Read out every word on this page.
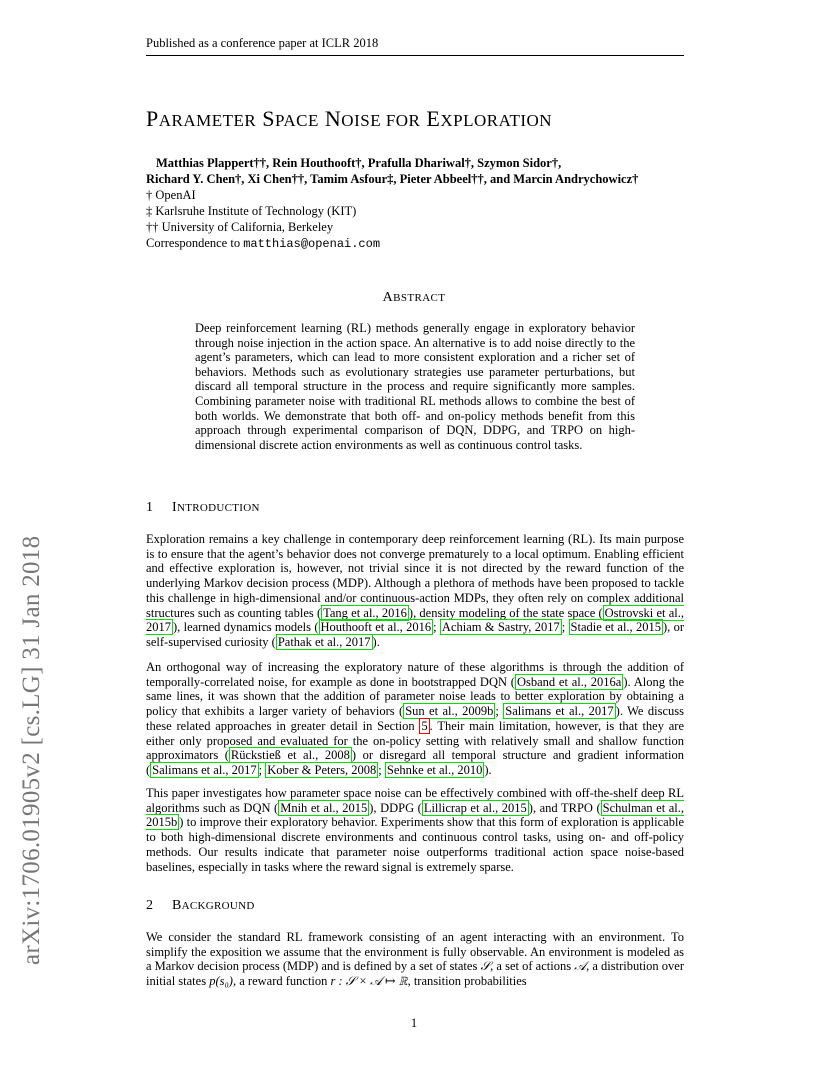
Published as a conference paper at ICLR 2018
PARAMETER SPACE NOISE FOR EXPLORATION
Matthias Plappert††, Rein Houthooft†, Prafulla Dhariwal†, Szymon Sidor†,
Richard Y. Chen†, Xi Chen††, Tamim Asfour‡, Pieter Abbeel††, and Marcin Andrychowicz†
† OpenAI
‡ Karlsruhe Institute of Technology (KIT)
†† University of California, Berkeley
Correspondence to matthias@openai.com
ABSTRACT
Deep reinforcement learning (RL) methods generally engage in exploratory behavior through noise injection in the action space. An alternative is to add noise directly to the agent’s parameters, which can lead to more consistent exploration and a richer set of behaviors. Methods such as evolutionary strategies use parameter perturbations, but discard all temporal structure in the process and require significantly more samples. Combining parameter noise with traditional RL methods allows to combine the best of both worlds. We demonstrate that both off- and on-policy methods benefit from this approach through experimental comparison of DQN, DDPG, and TRPO on high-dimensional discrete action environments as well as continuous control tasks.
1 INTRODUCTION
Exploration remains a key challenge in contemporary deep reinforcement learning (RL). Its main purpose is to ensure that the agent’s behavior does not converge prematurely to a local optimum. Enabling efficient and effective exploration is, however, not trivial since it is not directed by the reward function of the underlying Markov decision process (MDP). Although a plethora of methods have been proposed to tackle this challenge in high-dimensional and/or continuous-action MDPs, they often rely on complex additional structures such as counting tables ( Tang et al., 2016 ), density modeling of the state space ( Ostrovski et al., 2017 ), learned dynamics models ( Houthooft et al., 2016 ; Achiam & Sastry, 2017 ; Stadie et al., 2015 ), or self-supervised curiosity ( Pathak et al., 2017 ).
An orthogonal way of increasing the exploratory nature of these algorithms is through the addition of temporally-correlated noise, for example as done in bootstrapped DQN ( Osband et al., 2016a ). Along the same lines, it was shown that the addition of parameter noise leads to better exploration by obtaining a policy that exhibits a larger variety of behaviors ( Sun et al., 2009b ; Salimans et al., 2017 ). We discuss these related approaches in greater detail in Section 5 . Their main limitation, however, is that they are either only proposed and evaluated for the on-policy setting with relatively small and shallow function approximators ( Rückstieß et al., 2008 ) or disregard all temporal structure and gradient information ( Salimans et al., 2017 ; Kober & Peters, 2008 ; Sehnke et al., 2010 ).
This paper investigates how parameter space noise can be effectively combined with off-the-shelf deep RL algorithms such as DQN ( Mnih et al., 2015 ), DDPG ( Lillicrap et al., 2015 ), and TRPO ( Schulman et al., 2015b ) to improve their exploratory behavior. Experiments show that this form of exploration is applicable to both high-dimensional discrete environments and continuous control tasks, using on- and off-policy methods. Our results indicate that parameter noise outperforms traditional action space noise-based baselines, especially in tasks where the reward signal is extremely sparse.
2 BACKGROUND
We consider the standard RL framework consisting of an agent interacting with an environment. To simplify the exposition we assume that the environment is fully observable. An environment is modeled as a Markov decision process (MDP) and is defined by a set of states 𝒮, a set of actions 𝒜, a distribution over initial states p(s₀), a reward function r : 𝒮 × 𝒜 ↦ ℝ, transition probabilities
arXiv:1706.01905v2 [cs.LG] 31 Jan 2018
1
